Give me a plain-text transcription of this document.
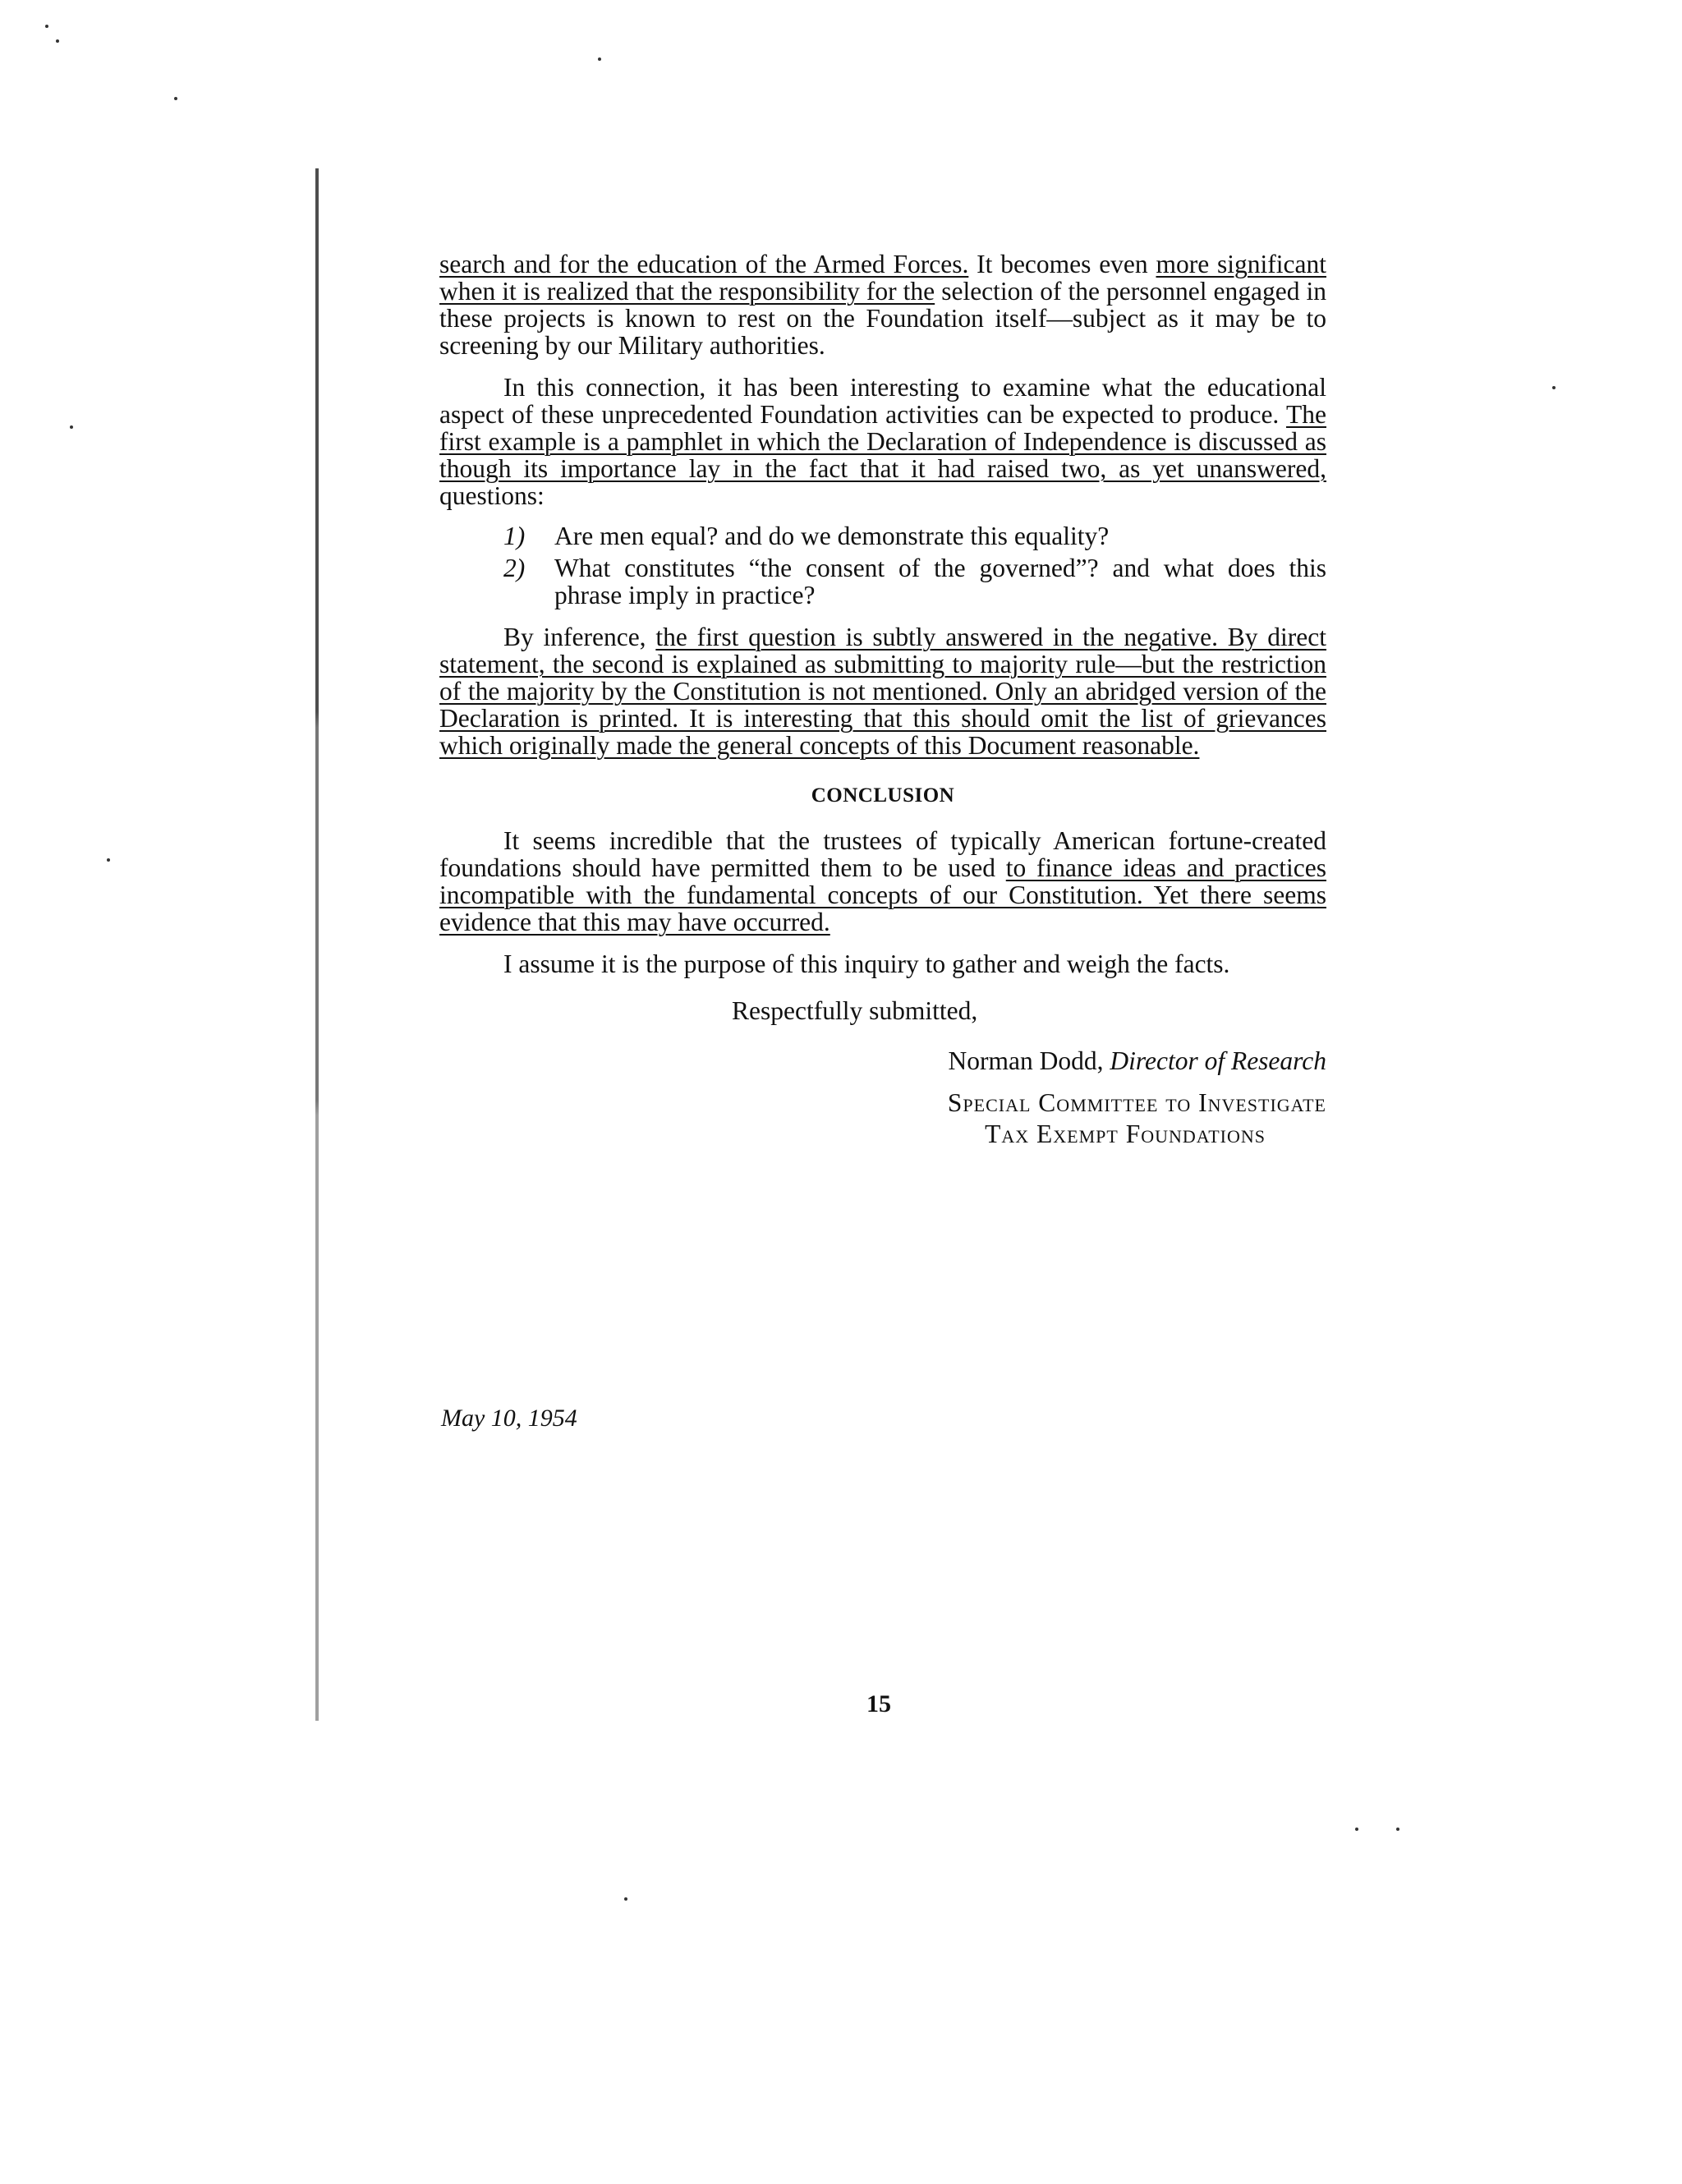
search and for the education of the Armed Forces. It becomes even more significant when it is realized that the responsibility for the selection of the personnel engaged in these projects is known to rest on the Foundation itself—subject as it may be to screening by our Military authorities.

In this connection, it has been interesting to examine what the educational aspect of these unprecedented Foundation activities can be expected to produce. The first example is a pamphlet in which the Declaration of Independence is discussed as though its importance lay in the fact that it had raised two, as yet unanswered, questions:

1)	Are men equal? and do we demonstrate this equality?
2)	What constitutes “the consent of the governed”? and what does this phrase imply in practice?

By inference, the first question is subtly answered in the negative. By direct statement, the second is explained as submitting to majority rule—but the restriction of the majority by the Constitution is not mentioned. Only an abridged version of the Declaration is printed. It is interesting that this should omit the list of grievances which originally made the general concepts of this Document reasonable.

CONCLUSION

It seems incredible that the trustees of typically American fortune-created foundations should have permitted them to be used to finance ideas and practices incompatible with the fundamental concepts of our Constitution. Yet there seems evidence that this may have occurred.

I assume it is the purpose of this inquiry to gather and weigh the facts.

Respectfully submitted,

Norman Dodd, Director of Research

Special Committee to Investigate
Tax Exempt Foundations

May 10, 1954
15
